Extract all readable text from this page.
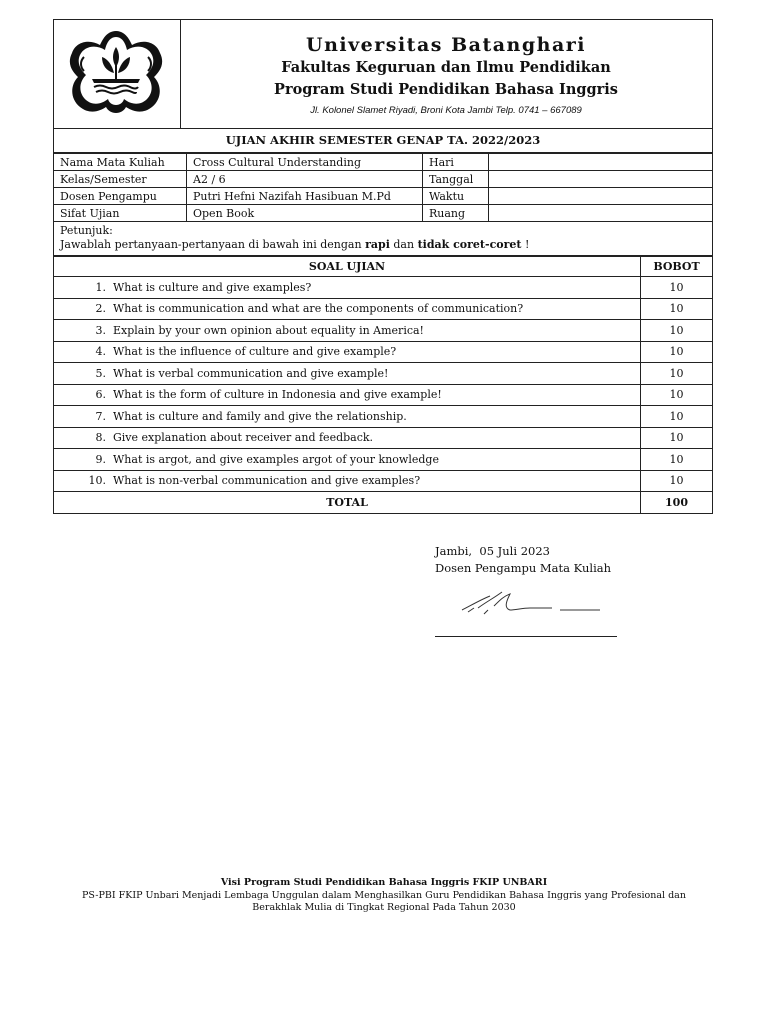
Universitas Batanghari
Fakultas Keguruan dan Ilmu Pendidikan
Program Studi Pendidikan Bahasa Inggris
Jl. Kolonel Slamet Riyadi, Broni Kota Jambi Telp. 0741 – 667089
UJIAN AKHIR SEMESTER GENAP TA. 2022/2023
Nama Mata Kuliah	Cross Cultural Understanding	Hari	
Kelas/Semester	A2 / 6	Tanggal	
Dosen Pengampu	Putri Hefni Nazifah Hasibuan M.Pd	Waktu	
Sifat Ujian	Open Book	Ruang	
Petunjuk:
Jawablah pertanyaan-pertanyaan di bawah ini dengan rapi dan tidak coret-coret !
SOAL UJIAN	BOBOT
1. What is culture and give examples?	10
2. What is communication and what are the components of communication?	10
3. Explain by your own opinion about equality in America!	10
4. What is the influence of culture and give example?	10
5. What is verbal communication and give example!	10
6. What is the form of culture in Indonesia and give example!	10
7. What is culture and family and give the relationship.	10
8. Give explanation about receiver and feedback.	10
9. What is argot, and give examples argot of your knowledge	10
10. What is non-verbal communication and give examples?	10
TOTAL	100
Jambi,  05 Juli 2023
Dosen Pengampu Mata Kuliah
Visi Program Studi Pendidikan Bahasa Inggris FKIP UNBARI
PS-PBI FKIP Unbari Menjadi Lembaga Unggulan dalam Menghasilkan Guru Pendidikan Bahasa Inggris yang Profesional dan
Berakhlak Mulia di Tingkat Regional Pada Tahun 2030
